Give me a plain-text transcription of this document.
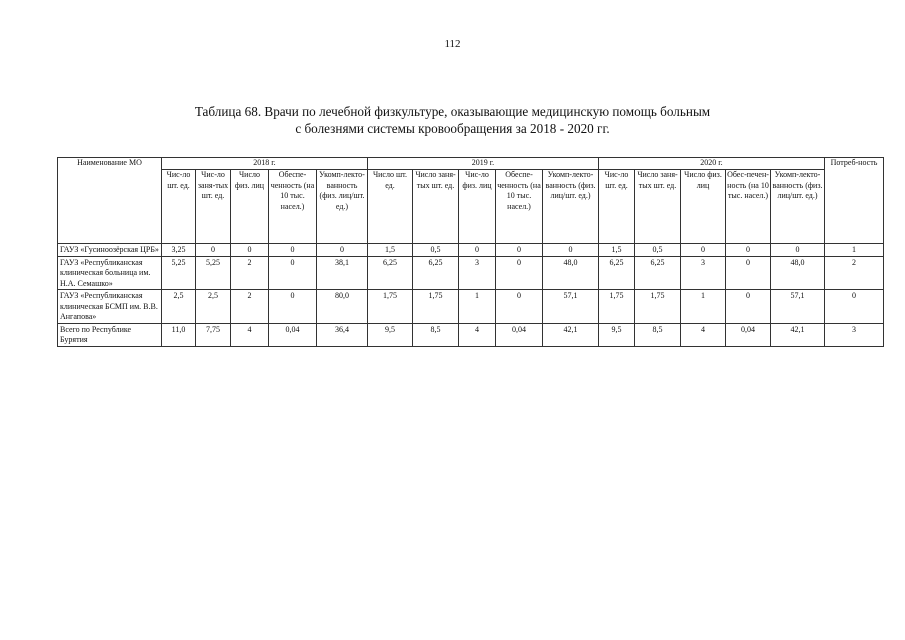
112
Таблица 68. Врачи по лечебной физкультуре, оказывающие медицинскую помощь больным
с болезнями системы кровообращения за 2018 - 2020 гг.
Наименование МО	2018 г.					2019 г.					2020 г.					Потреб-ность
	Чис-ло шт. ед.	Чис-ло заня-тых шт. ед.	Число физ. лиц	Обеспе-ченность (на 10 тыс. насел.)	Укомп-лекто-ванность (физ. лиц/шт. ед.)	Число шт. ед.	Число заня-тых шт. ед.	Чис-ло физ. лиц	Обеспе-ченность (на 10 тыс. насел.)	Укомп-лекто-ванность (физ. лиц/шт. ед.)	Чис-ло шт. ед.	Число заня-тых шт. ед.	Число физ. лиц	Обес-печен-ность (на 10 тыс. насел.)	Укомп-лекто-ванность (физ. лиц/шт. ед.)	
ГАУЗ «Гусиноозёрская ЦРБ»	3,25	0	0	0	0	1,5	0,5	0	0	0	1,5	0,5	0	0	0	1
ГАУЗ «Республиканская клиническая больница им. Н.А. Семашко»	5,25	5,25	2	0	38,1	6,25	6,25	3	0	48,0	6,25	6,25	3	0	48,0	2
ГАУЗ «Республиканская клиническая БСМП им. В.В. Ангапова»	2,5	2,5	2	0	80,0	1,75	1,75	1	0	57,1	1,75	1,75	1	0	57,1	0
Всего по Республике Бурятия	11,0	7,75	4	0,04	36,4	9,5	8,5	4	0,04	42,1	9,5	8,5	4	0,04	42,1	3
